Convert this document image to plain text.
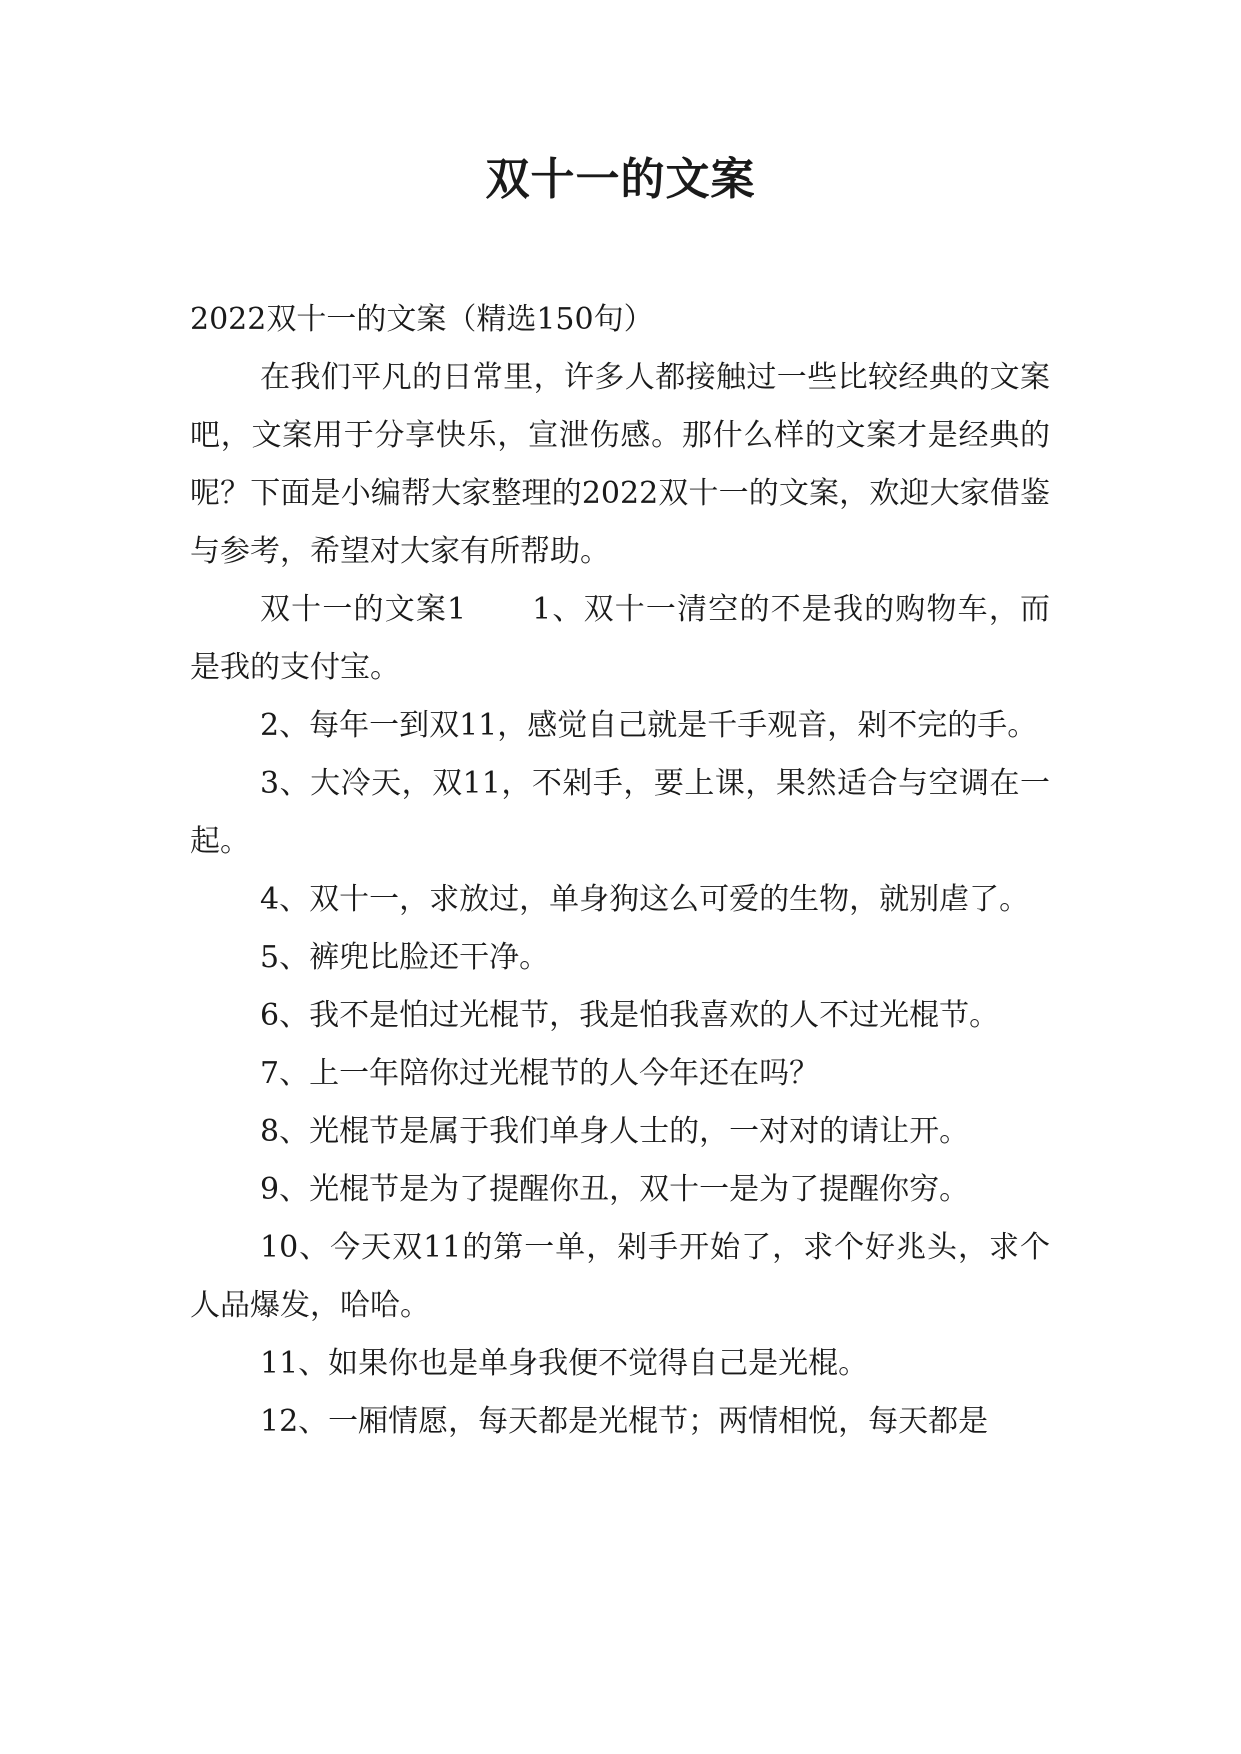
双十一的文案

2022双十一的文案（精选150句）

在我们平凡的日常里，许多人都接触过一些比较经典的文案吧，文案用于分享快乐，宣泄伤感。那什么样的文案才是经典的呢？下面是小编帮大家整理的2022双十一的文案，欢迎大家借鉴与参考，希望对大家有所帮助。

双十一的文案1 1、双十一清空的不是我的购物车，而是我的支付宝。

2、每年一到双11，感觉自己就是千手观音，剁不完的手。

3、大冷天，双11，不剁手，要上课，果然适合与空调在一起。

4、双十一，求放过，单身狗这么可爱的生物，就别虐了。

5、裤兜比脸还干净。

6、我不是怕过光棍节，我是怕我喜欢的人不过光棍节。

7、上一年陪你过光棍节的人今年还在吗？

8、光棍节是属于我们单身人士的，一对对的请让开。

9、光棍节是为了提醒你丑，双十一是为了提醒你穷。

10、今天双11的第一单，剁手开始了，求个好兆头，求个人品爆发，哈哈。

11、如果你也是单身我便不觉得自己是光棍。

12、一厢情愿，每天都是光棍节；两情相悦，每天都是
